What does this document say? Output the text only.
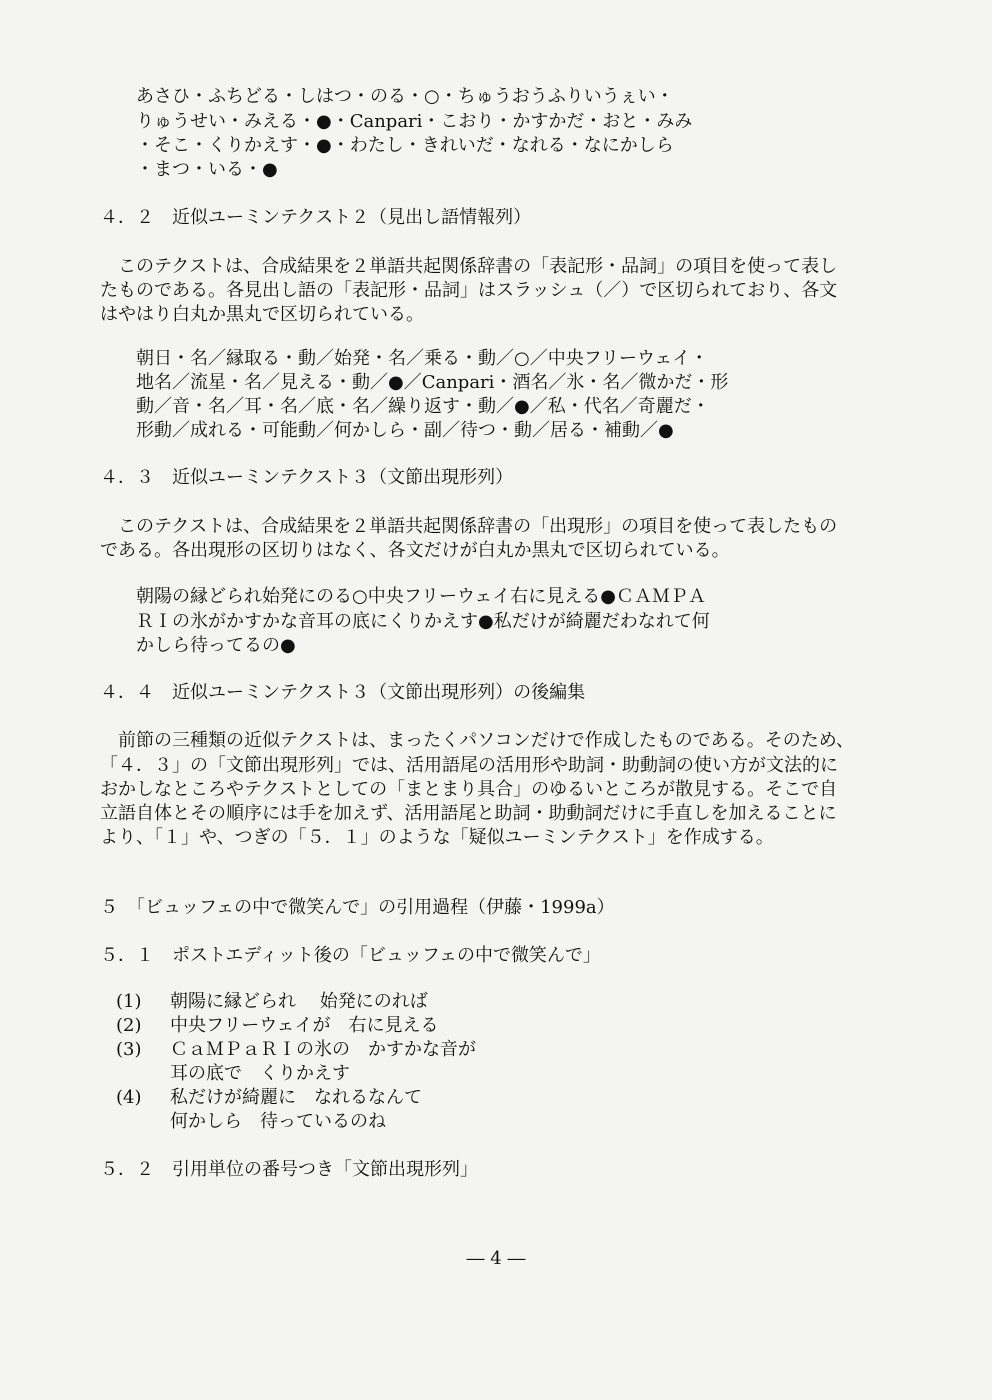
あさひ・ふちどる・しはつ・のる・○・ちゅうおうふりいうぇい・
りゅうせい・みえる・●・Canpari・こおり・かすかだ・おと・みみ
・そこ・くりかえす・●・わたし・きれいだ・なれる・なにかしら
・まつ・いる・●
４．２　近似ユーミンテクスト２（見出し語情報列）
このテクストは、合成結果を２単語共起関係辞書の「表記形・品詞」の項目を使って表し
たものである。各見出し語の「表記形・品詞」はスラッシュ（／）で区切られており、各文
はやはり白丸か黒丸で区切られている。
朝日・名／縁取る・動／始発・名／乗る・動／○／中央フリーウェイ・
地名／流星・名／見える・動／●／Canpari・酒名／氷・名／微かだ・形
動／音・名／耳・名／底・名／繰り返す・動／●／私・代名／奇麗だ・
形動／成れる・可能動／何かしら・副／待つ・動／居る・補動／●
４．３　近似ユーミンテクスト３（文節出現形列）
このテクストは、合成結果を２単語共起関係辞書の「出現形」の項目を使って表したもの
である。各出現形の区切りはなく、各文だけが白丸か黒丸で区切られている。
朝陽の縁どられ始発にのる○中央フリーウェイ右に見える●ＣＡＭＰＡ
ＲＩの氷がかすかな音耳の底にくりかえす●私だけが綺麗だわなれて何
かしら待ってるの●
４．４　近似ユーミンテクスト３（文節出現形列）の後編集
前節の三種類の近似テクストは、まったくパソコンだけで作成したものである。そのため、
「４．３」の「文節出現形列」では、活用語尾の活用形や助詞・助動詞の使い方が文法的に
おかしなところやテクストとしての「まとまり具合」のゆるいところが散見する。そこで自
立語自体とその順序には手を加えず、活用語尾と助詞・助動詞だけに手直しを加えることに
より、「１」や、つぎの「５．１」のような「疑似ユーミンテクスト」を作成する。
５　「ビュッフェの中で微笑んで」の引用過程（伊藤・1999a）
５．１　ポストエディット後の「ビュッフェの中で微笑んで」
(1) 朝陽に縁どられ　 始発にのれば
(2) 中央フリーウェイが　右に見える
(3) ＣａＭＰａＲＩの氷の　かすかな音が
耳の底で　くりかえす
(4) 私だけが綺麗に　なれるなんて
何かしら　待っているのね
５．２　引用単位の番号つき「文節出現形列」
― 4 ―
